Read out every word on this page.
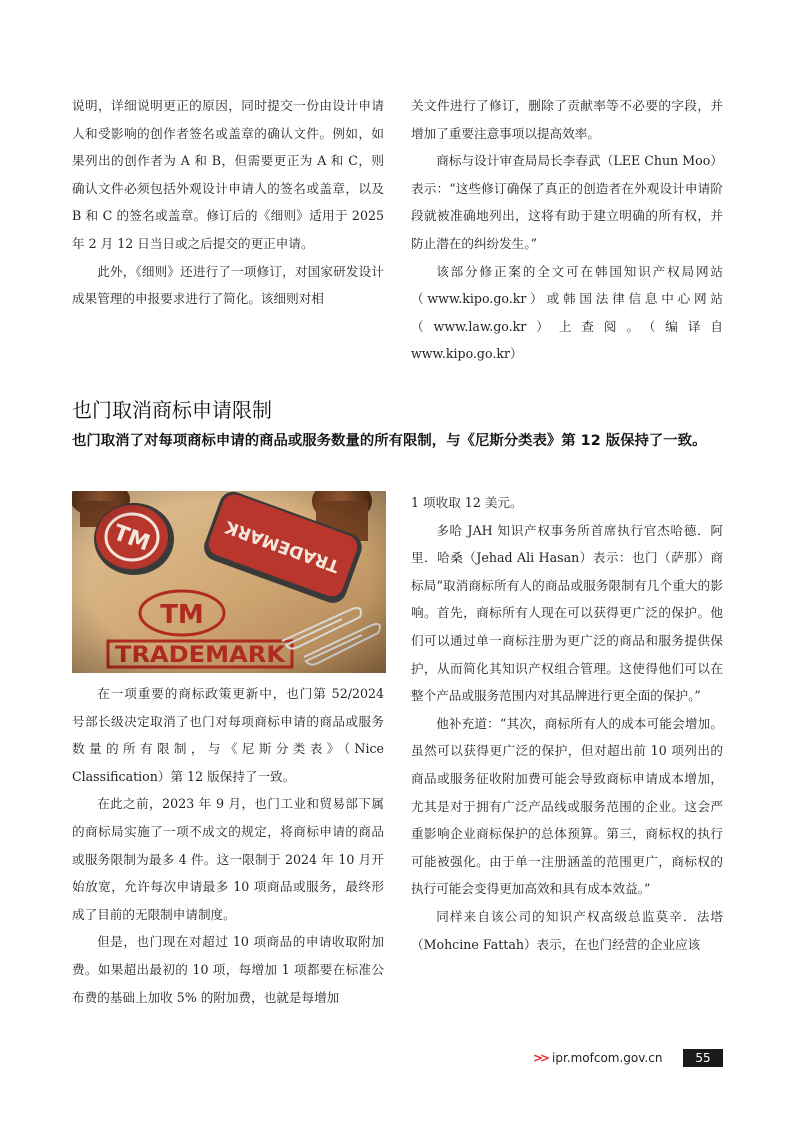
说明，详细说明更正的原因，同时提交一份由设计申请人和受影响的创作者签名或盖章的确认文件。例如，如果列出的创作者为 A 和 B，但需要更正为 A 和 C，则确认文件必须包括外观设计申请人的签名或盖章，以及 B 和 C 的签名或盖章。修订后的《细则》适用于 2025 年 2 月 12 日当日或之后提交的更正申请。

此外，《细则》还进行了一项修订，对国家研发设计成果管理的申报要求进行了简化。该细则对相

关文件进行了修订，删除了贡献率等不必要的字段，并增加了重要注意事项以提高效率。

商标与设计审查局局长李春武（LEE Chun Moo）表示：“这些修订确保了真正的创造者在外观设计申请阶段就被准确地列出，这将有助于建立明确的所有权，并防止潜在的纠纷发生。”

该部分修正案的全文可在韩国知识产权局网站（www.kipo.go.kr）或韩国法律信息中心网站（www.law.go.kr）上查阅。（编译自 www.kipo.go.kr）

也门取消商标申请限制

也门取消了对每项商标申请的商品或服务数量的所有限制，与《尼斯分类表》第 12 版保持了一致。

在一项重要的商标政策更新中，也门第 52/2024 号部长级决定取消了也门对每项商标申请的商品或服务数量的所有限制，与《尼斯分类表》（Nice Classification）第 12 版保持了一致。

在此之前，2023 年 9 月，也门工业和贸易部下属的商标局实施了一项不成文的规定，将商标申请的商品或服务限制为最多 4 件。这一限制于 2024 年 10 月开始放宽，允许每次申请最多 10 项商品或服务，最终形成了目前的无限制申请制度。

但是，也门现在对超过 10 项商品的申请收取附加费。如果超出最初的 10 项，每增加 1 项都要在标准公布费的基础上加收 5% 的附加费，也就是每增加

1 项收取 12 美元。

多哈 JAH 知识产权事务所首席执行官杰哈德．阿里．哈桑（Jehad Ali Hasan）表示：也门（萨那）商标局“取消商标所有人的商品或服务限制有几个重大的影响。首先，商标所有人现在可以获得更广泛的保护。他们可以通过单一商标注册为更广泛的商品和服务提供保护，从而简化其知识产权组合管理。这使得他们可以在整个产品或服务范围内对其品牌进行更全面的保护。”

他补充道：“其次，商标所有人的成本可能会增加。虽然可以获得更广泛的保护，但对超出前 10 项列出的商品或服务征收附加费可能会导致商标申请成本增加，尤其是对于拥有广泛产品线或服务范围的企业。这会严重影响企业商标保护的总体预算。第三，商标权的执行可能被强化。由于单一注册涵盖的范围更广，商标权的执行可能会变得更加高效和具有成本效益。”

同样来自该公司的知识产权高级总监莫辛．法塔（Mohcine Fattah）表示，在也门经营的企业应该

>> ipr.mofcom.gov.cn	55
